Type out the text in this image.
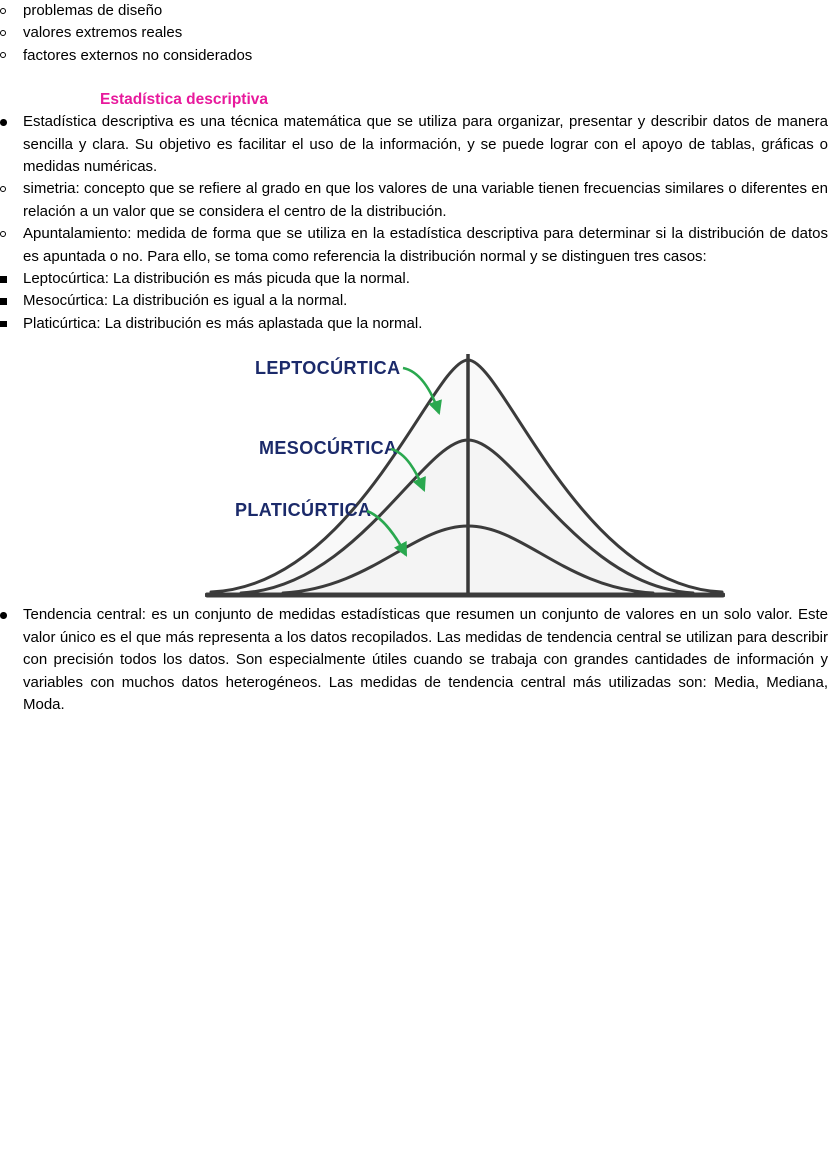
problemas de diseño
valores extremos reales
factores externos no considerados
Estadística descriptiva
Estadística descriptiva es una técnica matemática que se utiliza para organizar, presentar y describir datos de manera sencilla y clara. Su objetivo es facilitar el uso de la información, y se puede lograr con el apoyo de tablas, gráficas o medidas numéricas.
simetria: concepto que se refiere al grado en que los valores de una variable tienen frecuencias similares o diferentes en relación a un valor que se considera el centro de la distribución.
Apuntalamiento: medida de forma que se utiliza en la estadística descriptiva para determinar si la distribución de datos es apuntada o no. Para ello, se toma como referencia la distribución normal y se distinguen tres casos:
Leptocúrtica: La distribución es más picuda que la normal.
Mesocúrtica: La distribución es igual a la normal.
Platicúrtica: La distribución es más aplastada que la normal.
LEPTOCÚRTICA
MESOCÚRTICA
PLATICÚRTICA
Tendencia central: es un conjunto de medidas estadísticas que resumen un conjunto de valores en un solo valor. Este valor único es el que más representa a los datos recopilados. Las medidas de tendencia central se utilizan para describir con precisión todos los datos. Son especialmente útiles cuando se trabaja con grandes cantidades de información y variables con muchos datos heterogéneos. Las medidas de tendencia central más utilizadas son: Media, Mediana, Moda.
